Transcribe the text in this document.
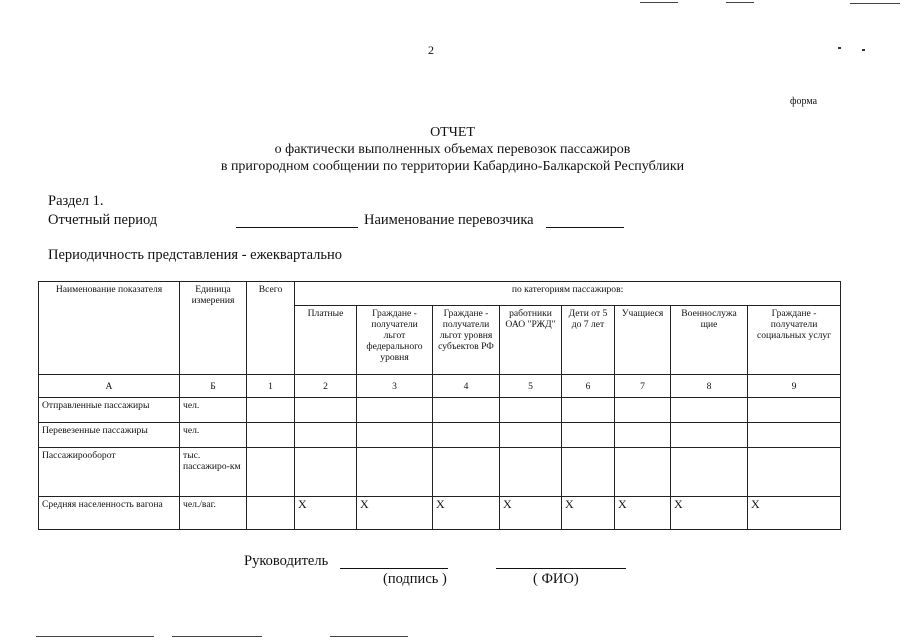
2
форма
ОТЧЕТ
о фактически выполненных объемах перевозок пассажиров
в пригородном сообщении по территории Кабардино-Балкарской Республики
Раздел 1.
Отчетный период	Наименование перевозчика
Периодичность представления - ежеквартально
Наименование показателя	Единица измерения	Всего	по категориям пассажиров:							
			Платные	Граждане - получатели льгот федерального уровня	Граждане - получатели льгот уровня субъектов РФ	работники ОАО "РЖД"	Дети от 5 до 7 лет	Учащиеся	Военнослужа щие	Граждане - получатели социальных услуг
А	Б	1	2	3	4	5	6	7	8	9
Отправленные пассажиры	чел.									
Перевезенные пассажиры	чел.									
Пассажирооборот	тыс. пассажиро-км									
Средняя населенность вагона	чел./ваг.		X	X	X	X	X	X	X	X
Руководитель
(подпись )	( ФИО)
